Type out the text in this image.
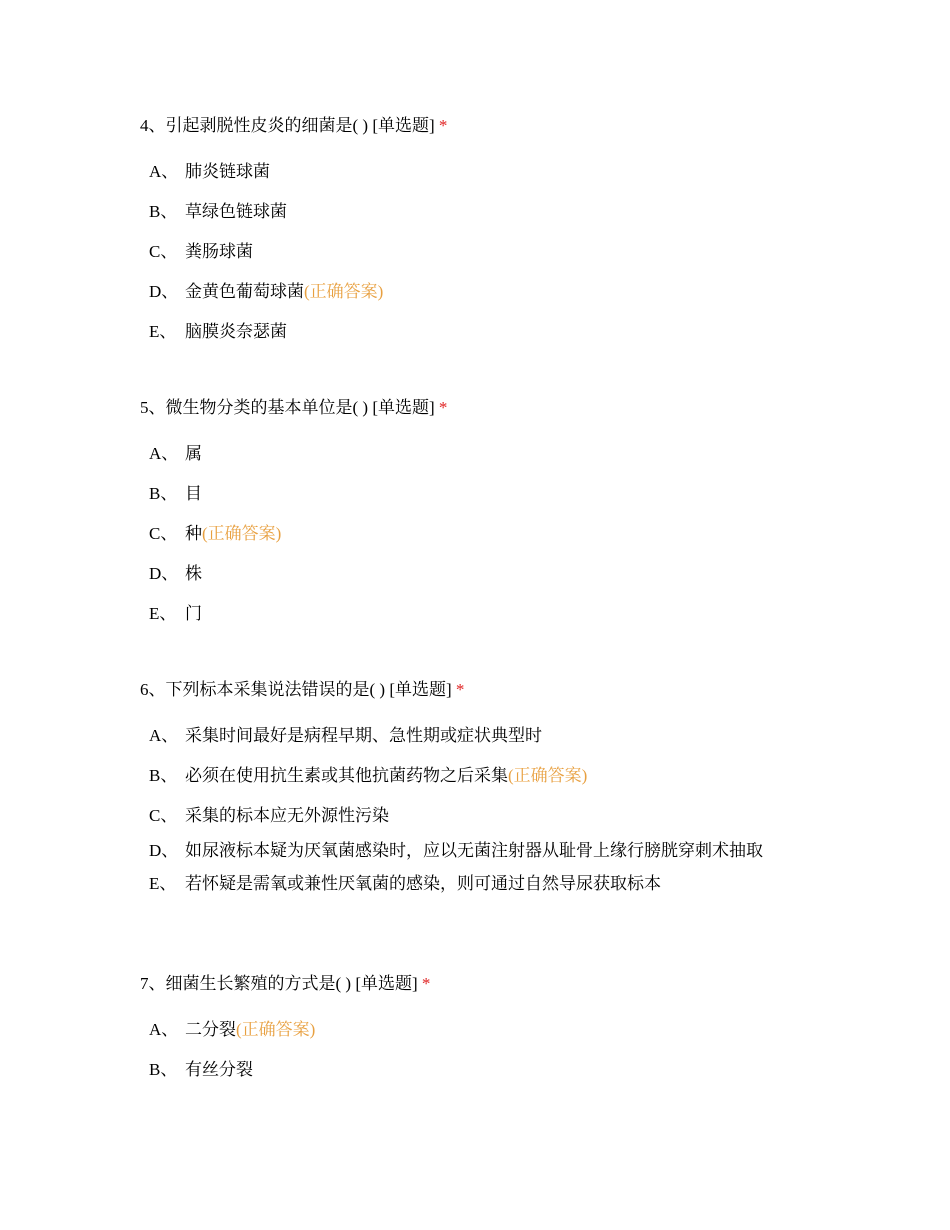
4、引起剥脱性皮炎的细菌是( ) [单选题] *

A、 肺炎链球菌
B、 草绿色链球菌
C、 粪肠球菌
D、 金黄色葡萄球菌(正确答案)
E、 脑膜炎奈瑟菌

5、微生物分类的基本单位是( ) [单选题] *

A、 属
B、 目
C、 种(正确答案)
D、 株
E、 门

6、下列标本采集说法错误的是( ) [单选题] *

A、 采集时间最好是病程早期、急性期或症状典型时
B、 必须在使用抗生素或其他抗菌药物之后采集(正确答案)
C、 采集的标本应无外源性污染
D、 如尿液标本疑为厌氧菌感染时，应以无菌注射器从耻骨上缘行膀胱穿刺术抽取
E、 若怀疑是需氧或兼性厌氧菌的感染，则可通过自然导尿获取标本

7、细菌生长繁殖的方式是( ) [单选题] *

A、 二分裂(正确答案)
B、 有丝分裂
